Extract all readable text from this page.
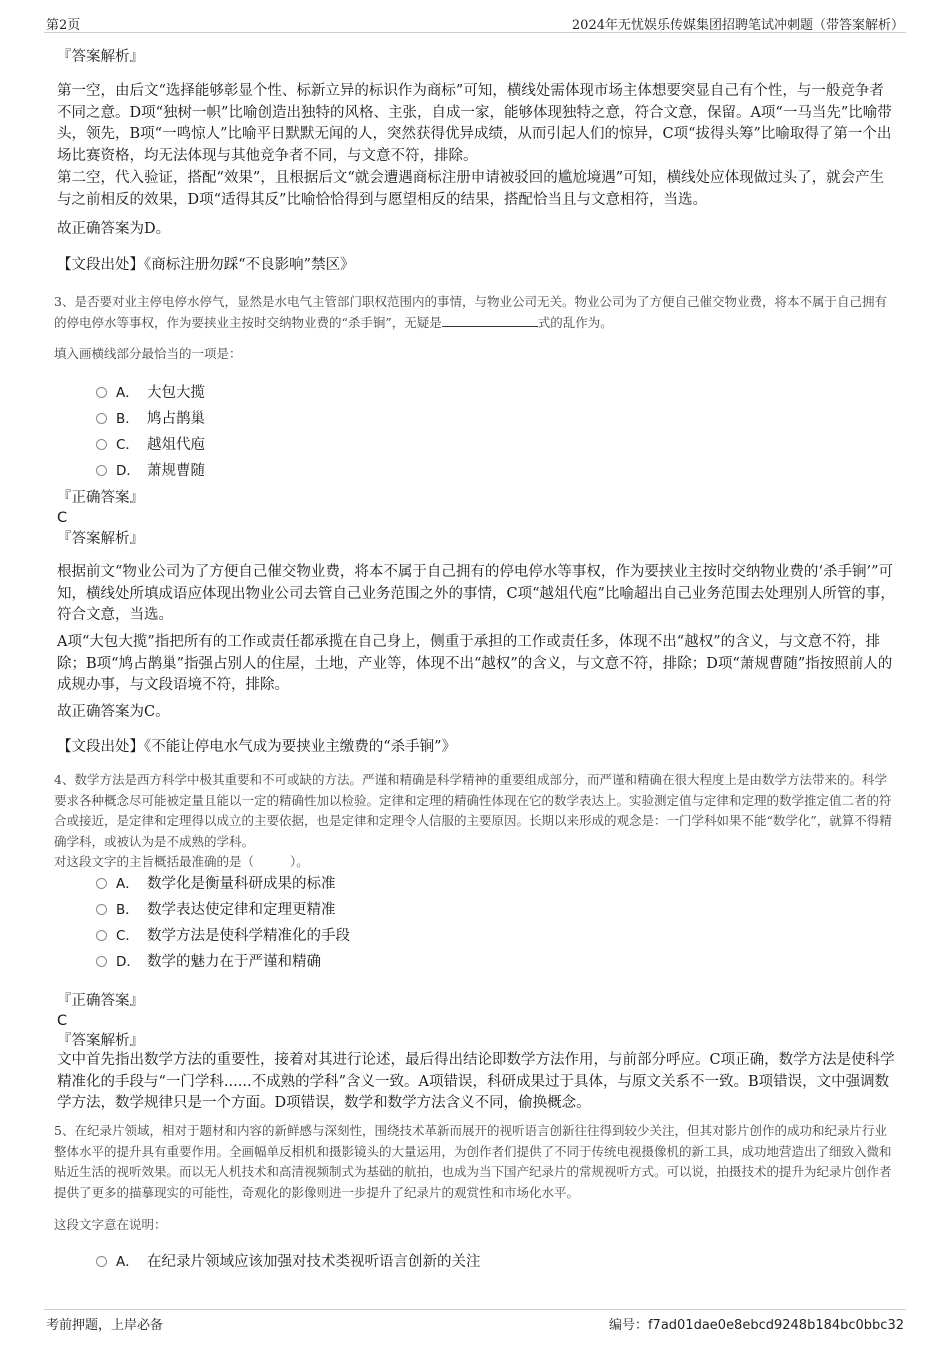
第2页	2024年无忧娱乐传媒集团招聘笔试冲刺题（带答案解析）
『答案解析』

第一空，由后文“选择能够彰显个性、标新立异的标识作为商标”可知，横线处需体现市场主体想要突显自己有个性，与一般竞争者不同之意。D项“独树一帜”比喻创造出独特的风格、主张，自成一家，能够体现独特之意，符合文意，保留。A项“一马当先”比喻带头，领先，B项“一鸣惊人”比喻平日默默无闻的人，突然获得优异成绩，从而引起人们的惊异，C项“拔得头筹”比喻取得了第一个出场比赛资格，均无法体现与其他竞争者不同，与文意不符，排除。

第二空，代入验证，搭配“效果”，且根据后文“就会遭遇商标注册申请被驳回的尴尬境遇”可知，横线处应体现做过头了，就会产生与之前相反的效果，D项“适得其反”比喻恰恰得到与愿望相反的结果，搭配恰当且与文意相符，当选。

故正确答案为D。
【文段出处】《商标注册勿踩“不良影响”禁区》

3、是否要对业主停电停水停气，显然是水电气主管部门职权范围内的事情，与物业公司无关。物业公司为了方便自己催交物业费，将本不属于自己拥有的停电停水等事权，作为要挟业主按时交纳物业费的“杀手锏”，无疑是	式的乱作为。

填入画横线部分最恰当的一项是：
A． 大包大揽
B． 鸠占鹊巢
C． 越俎代庖
D． 萧规曹随
『正确答案』
C
『答案解析』

根据前文“物业公司为了方便自己催交物业费，将本不属于自己拥有的停电停水等事权，作为要挟业主按时交纳物业费的‘杀手锏’”可知，横线处所填成语应体现出物业公司去管自己业务范围之外的事情，C项“越俎代庖”比喻超出自己业务范围去处理别人所管的事，符合文意，当选。

A项“大包大揽”指把所有的工作或责任都承揽在自己身上，侧重于承担的工作或责任多，体现不出“越权”的含义，与文意不符，排除；B项“鸠占鹊巢”指强占别人的住屋，土地，产业等，体现不出“越权”的含义，与文意不符，排除；D项“萧规曹随”指按照前人的成规办事，与文段语境不符，排除。

故正确答案为C。
【文段出处】《不能让停电水气成为要挟业主缴费的“杀手锏”》

4、数学方法是西方科学中极其重要和不可或缺的方法。严谨和精确是科学精神的重要组成部分，而严谨和精确在很大程度上是由数学方法带来的。科学要求各种概念尽可能被定量且能以一定的精确性加以检验。定律和定理的精确性体现在它的数学表达上。实验测定值与定律和定理的数学推定值二者的符合或接近，是定律和定理得以成立的主要依据，也是定律和定理令人信服的主要原因。长期以来形成的观念是：一门学科如果不能“数学化”，就算不得精确学科，或被认为是不成熟的学科。

对这段文字的主旨概括最准确的是（	）。
A． 数学化是衡量科研成果的标准
B． 数学表达使定律和定理更精准
C． 数学方法是使科学精准化的手段
D． 数学的魅力在于严谨和精确
『正确答案』
C
『答案解析』

文中首先指出数学方法的重要性，接着对其进行论述，最后得出结论即数学方法作用，与前部分呼应。C项正确，数学方法是使科学精准化的手段与“一门学科......不成熟的学科”含义一致。A项错误，科研成果过于具体，与原文关系不一致。B项错误，文中强调数学方法，数学规律只是一个方面。D项错误，数学和数学方法含义不同，偷换概念。

5、在纪录片领域，相对于题材和内容的新鲜感与深刻性，围绕技术革新而展开的视听语言创新往往得到较少关注，但其对影片创作的成功和纪录片行业整体水平的提升具有重要作用。全画幅单反相机和摄影镜头的大量运用，为创作者们提供了不同于传统电视摄像机的新工具，成功地营造出了细致入微和贴近生活的视听效果。而以无人机技术和高清视频制式为基础的航拍，也成为当下国产纪录片的常规视听方式。可以说，拍摄技术的提升为纪录片创作者提供了更多的描摹现实的可能性，奇观化的影像则进一步提升了纪录片的观赏性和市场化水平。

这段文字意在说明：
A． 在纪录片领域应该加强对技术类视听语言创新的关注
考前押题，上岸必备	编号：f7ad01dae0e8ebcd9248b184bc0bbc32
